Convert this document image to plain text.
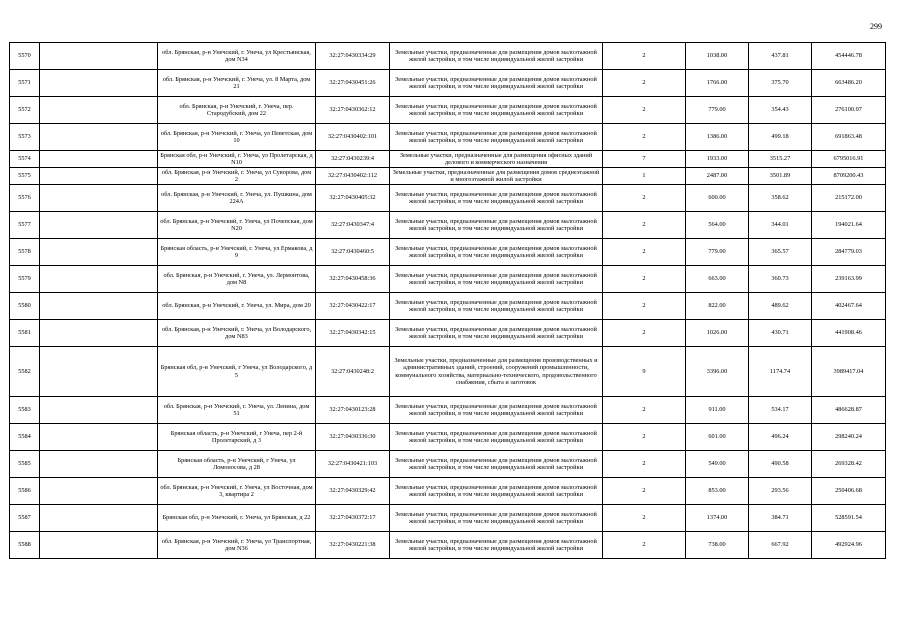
299
5570		обл. Брянская, р-н Унечский, г. Унеча, ул Крестьянская, дом N34	32:27:0430334:29	Земельные участки, предназначенные для размещения домов малоэтажной жилой застройки, в том числе индивидуальной жилой застройки	2	1038.00	437.81	454446.78
5571		обл. Брянская, р-н Унечский, г. Унеча, ул. 8 Марта, дом 21	32:27:0430451:26	Земельные участки, предназначенные для размещения домов малоэтажной жилой застройки, в том числе индивидуальной жилой застройки	2	1766.00	375.70	663486.20
5572		обл. Брянская, р-н Унечский, г. Унеча, пер. Стародубский, дом 22	32:27:0430362:12	Земельные участки, предназначенные для размещения домов малоэтажной жилой застройки, в том числе индивидуальной жилой застройки	2	779.00	354.43	276100.97
5573		обл. Брянская, р-н Унечский, г. Унеча, ул Певетская, дом 10	32:27:0430402:101	Земельные участки, предназначенные для размещения домов малоэтажной жилой застройки, в том числе индивидуальной жилой застройки	2	1386.00	499.18	691863.48
5574		Брянская обл, р-н Унечский, г. Унеча, ул Пролетарская, д N10	32:27:0430239:4	Земельные участки, предназначенные для размещения офисных зданий делового и коммерческого назначения	7	1933.00	3515.27	6795016.91
5575		обл. Брянская, р-н Унечский, г. Унеча, ул Суворова, дом 2	32:27:0430402:112	Земельные участки, предназначенные для размещения домов среднеэтажной и многоэтажной жилой застройки	1	2487.00	3501.89	8709200.43
5576		обл. Брянская, р-н Унечский, г. Унеча, ул. Пушкина, дом 224А	32:27:0430405:32	Земельные участки, предназначенные для размещения домов малоэтажной жилой застройки, в том числе индивидуальной жилой застройки	2	600.00	358.62	215172.00
5577		обл. Брянская, р-н Унечский, г. Унеча, ул Почепская, дом N20	32:27:0430347:4	Земельные участки, предназначенные для размещения домов малоэтажной жилой застройки, в том числе индивидуальной жилой застройки	2	564.00	344.01	194021.64
5578		Брянская область, р-н Унечский, г. Унеча, ул Ермакова, д 9	32:27:0430460:5	Земельные участки, предназначенные для размещения домов малоэтажной жилой застройки, в том числе индивидуальной жилой застройки	2	779.00	365.57	284779.03
5579		обл. Брянская, р-н Унечский, г. Унеча, ул. Лермонтова, дом N8	32:27:0430458:36	Земельные участки, предназначенные для размещения домов малоэтажной жилой застройки, в том числе индивидуальной жилой застройки	2	663.00	360.73	239163.99
5580		обл. Брянская, р-н Унечский, г. Унеча, ул. Мира, дом 20	32:27:0430422:17	Земельные участки, предназначенные для размещения домов малоэтажной жилой застройки, в том числе индивидуальной жилой застройки	2	822.00	489.62	402467.64
5581		обл. Брянская, р-н Унечский, г. Унеча, ул Володарского, дом N83	32:27:0430342:15	Земельные участки, предназначенные для размещения домов малоэтажной жилой застройки, в том числе индивидуальной жилой застройки	2	1026.00	430.71	441908.46
5582		Брянская обл, р-н Унечский, г Унеча, ул Володарского, д 5	32:27:0430248:2	Земельные участки, предназначенные для размещения производственных и административных зданий, строений, сооружений промышленности, коммунального хозяйства, материально-технического, продовольственного снабжения, сбыта и заготовок	9	3396.00	1174.74	3989417.04
5583		обл. Брянская, р-н Унечский, г. Унеча, ул. Ленина, дом 51	32:27:0430123:28	Земельные участки, предназначенные для размещения домов малоэтажной жилой застройки, в том числе индивидуальной жилой застройки	2	911.00	534.17	486628.87
5584		Брянская область, р-н Унечский, г Унеча, пер 2-й Пролетарский, д 3	32:27:0430336:30	Земельные участки, предназначенные для размещения домов малоэтажной жилой застройки, в том числе индивидуальной жилой застройки	2	601.00	496.24	298240.24
5585		Брянская область, р-н Унечский, г Унеча, ул Ломоносова, д 28	32:27:0430421:103	Земельные участки, предназначенные для размещения домов малоэтажной жилой застройки, в том числе индивидуальной жилой застройки	2	549.00	490.58	269328.42
5586		обл. Брянская, р-н Унечский, г. Унеча, ул Восточная, дом 3, квартира 2	32:27:0430329:42	Земельные участки, предназначенные для размещения домов малоэтажной жилой застройки, в том числе индивидуальной жилой застройки	2	853.00	293.56	250406.68
5587		Брянская обл, р-н Унечский, г. Унеча, ул Брянская, д 22	32:27:0430372:17	Земельные участки, предназначенные для размещения домов малоэтажной жилой застройки, в том числе индивидуальной жилой застройки	2	1374.00	384.71	528591.54
5588		обл. Брянская, р-н Унечский, г. Унеча, ул Транспортная, дом N36	32:27:0430221:38	Земельные участки, предназначенные для размещения домов малоэтажной жилой застройки, в том числе индивидуальной жилой застройки	2	738.00	667.92	492924.96
